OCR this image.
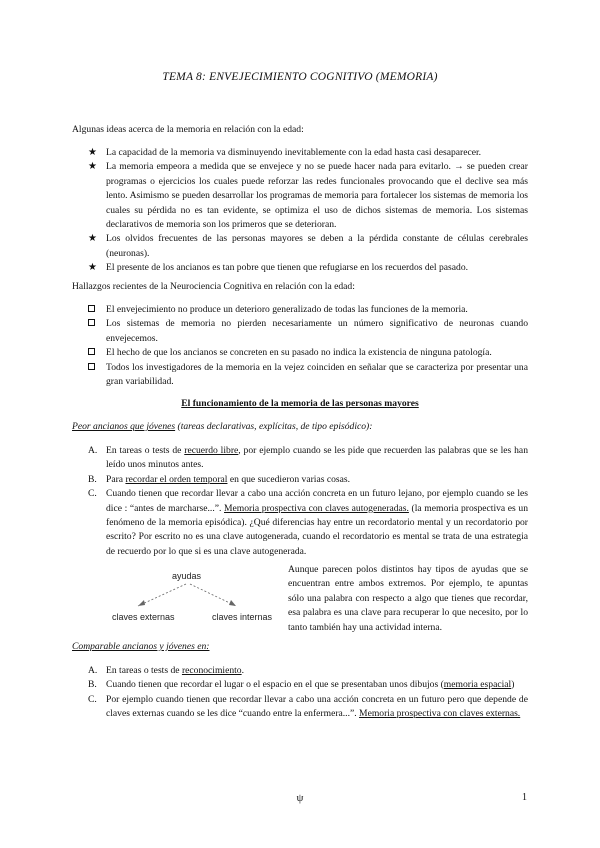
TEMA 8: ENVEJECIMIENTO COGNITIVO (MEMORIA)
Algunas ideas acerca de la memoria en relación con la edad:
★ La capacidad de la memoria va disminuyendo inevitablemente con la edad hasta casi desaparecer.
★ La memoria empeora a medida que se envejece y no se puede hacer nada para evitarlo. → se pueden crear programas o ejercicios los cuales puede reforzar las redes funcionales provocando que el declive sea más lento. Asimismo se pueden desarrollar los programas de memoria para fortalecer los sistemas de memoria los cuales su pérdida no es tan evidente, se optimiza el uso de dichos sistemas de memoria. Los sistemas declarativos de memoria son los primeros que se deterioran.
★ Los olvidos frecuentes de las personas mayores se deben a la pérdida constante de células cerebrales (neuronas).
★ El presente de los ancianos es tan pobre que tienen que refugiarse en los recuerdos del pasado.
Hallazgos recientes de la Neurociencia Cognitiva en relación con la edad:
El envejecimiento no produce un deterioro generalizado de todas las funciones de la memoria.
Los sistemas de memoria no pierden necesariamente un número significativo de neuronas cuando envejecemos.
El hecho de que los ancianos se concreten en su pasado no indica la existencia de ninguna patología.
Todos los investigadores de la memoria en la vejez coinciden en señalar que se caracteriza por presentar una gran variabilidad.
El funcionamiento de la memoria de las personas mayores
Peor ancianos que jóvenes (tareas declarativas, explícitas, de tipo episódico):
A. En tareas o tests de recuerdo libre, por ejemplo cuando se les pide que recuerden las palabras que se les han leído unos minutos antes.
B. Para recordar el orden temporal en que sucedieron varias cosas.
C. Cuando tienen que recordar llevar a cabo una acción concreta en un futuro lejano, por ejemplo cuando se les dice : “antes de marcharse...”. Memoria prospectiva con claves autogeneradas. (la memoria prospectiva es un fenómeno de la memoria episódica). ¿Qué diferencias hay entre un recordatorio mental y un recordatorio por escrito? Por escrito no es una clave autogenerada, cuando el recordatorio es mental se trata de una estrategia de recuerdo por lo que si es una clave autogenerada.
ayudas
claves externas	claves internas
Aunque parecen polos distintos hay tipos de ayudas que se encuentran entre ambos extremos. Por ejemplo, te apuntas sólo una palabra con respecto a algo que tienes que recordar, esa palabra es una clave para recuperar lo que necesito, por lo tanto también hay una actividad interna.
Comparable ancianos y jóvenes en:
A. En tareas o tests de reconocimiento.
B. Cuando tienen que recordar el lugar o el espacio en el que se presentaban unos dibujos (memoria espacial)
C. Por ejemplo cuando tienen que recordar llevar a cabo una acción concreta en un futuro pero que depende de claves externas cuando se les dice “cuando entre la enfermera...”. Memoria prospectiva con claves externas.
ψ	1
